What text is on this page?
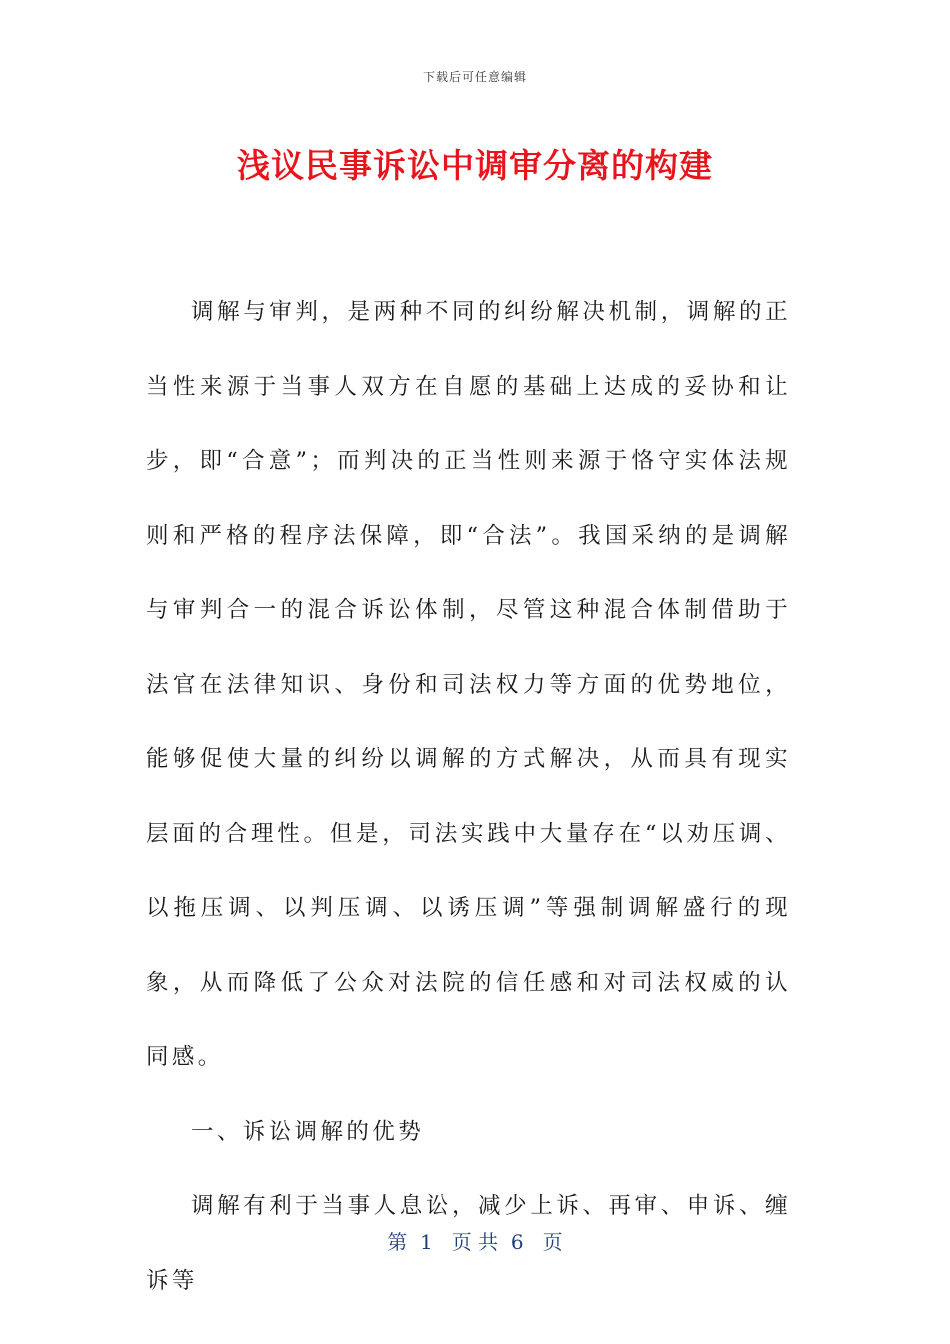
下载后可任意编辑
浅议民事诉讼中调审分离的构建

调解与审判，是两种不同的纠纷解决机制，调解的正当性来源于当事人双方在自愿的基础上达成的妥协和让步，即“合意”；而判决的正当性则来源于恪守实体法规则和严格的程序法保障，即“合法”。我国采纳的是调解与审判合一的混合诉讼体制，尽管这种混合体制借助于法官在法律知识、身份和司法权力等方面的优势地位，能够促使大量的纠纷以调解的方式解决，从而具有现实层面的合理性。但是，司法实践中大量存在“以劝压调、以拖压调、以判压调、以诱压调”等强制调解盛行的现象，从而降低了公众对法院的信任感和对司法权威的认同感。

一、诉讼调解的优势

调解有利于当事人息讼，减少上诉、再审、申诉、缠诉等

第  1   页 共  6   页
